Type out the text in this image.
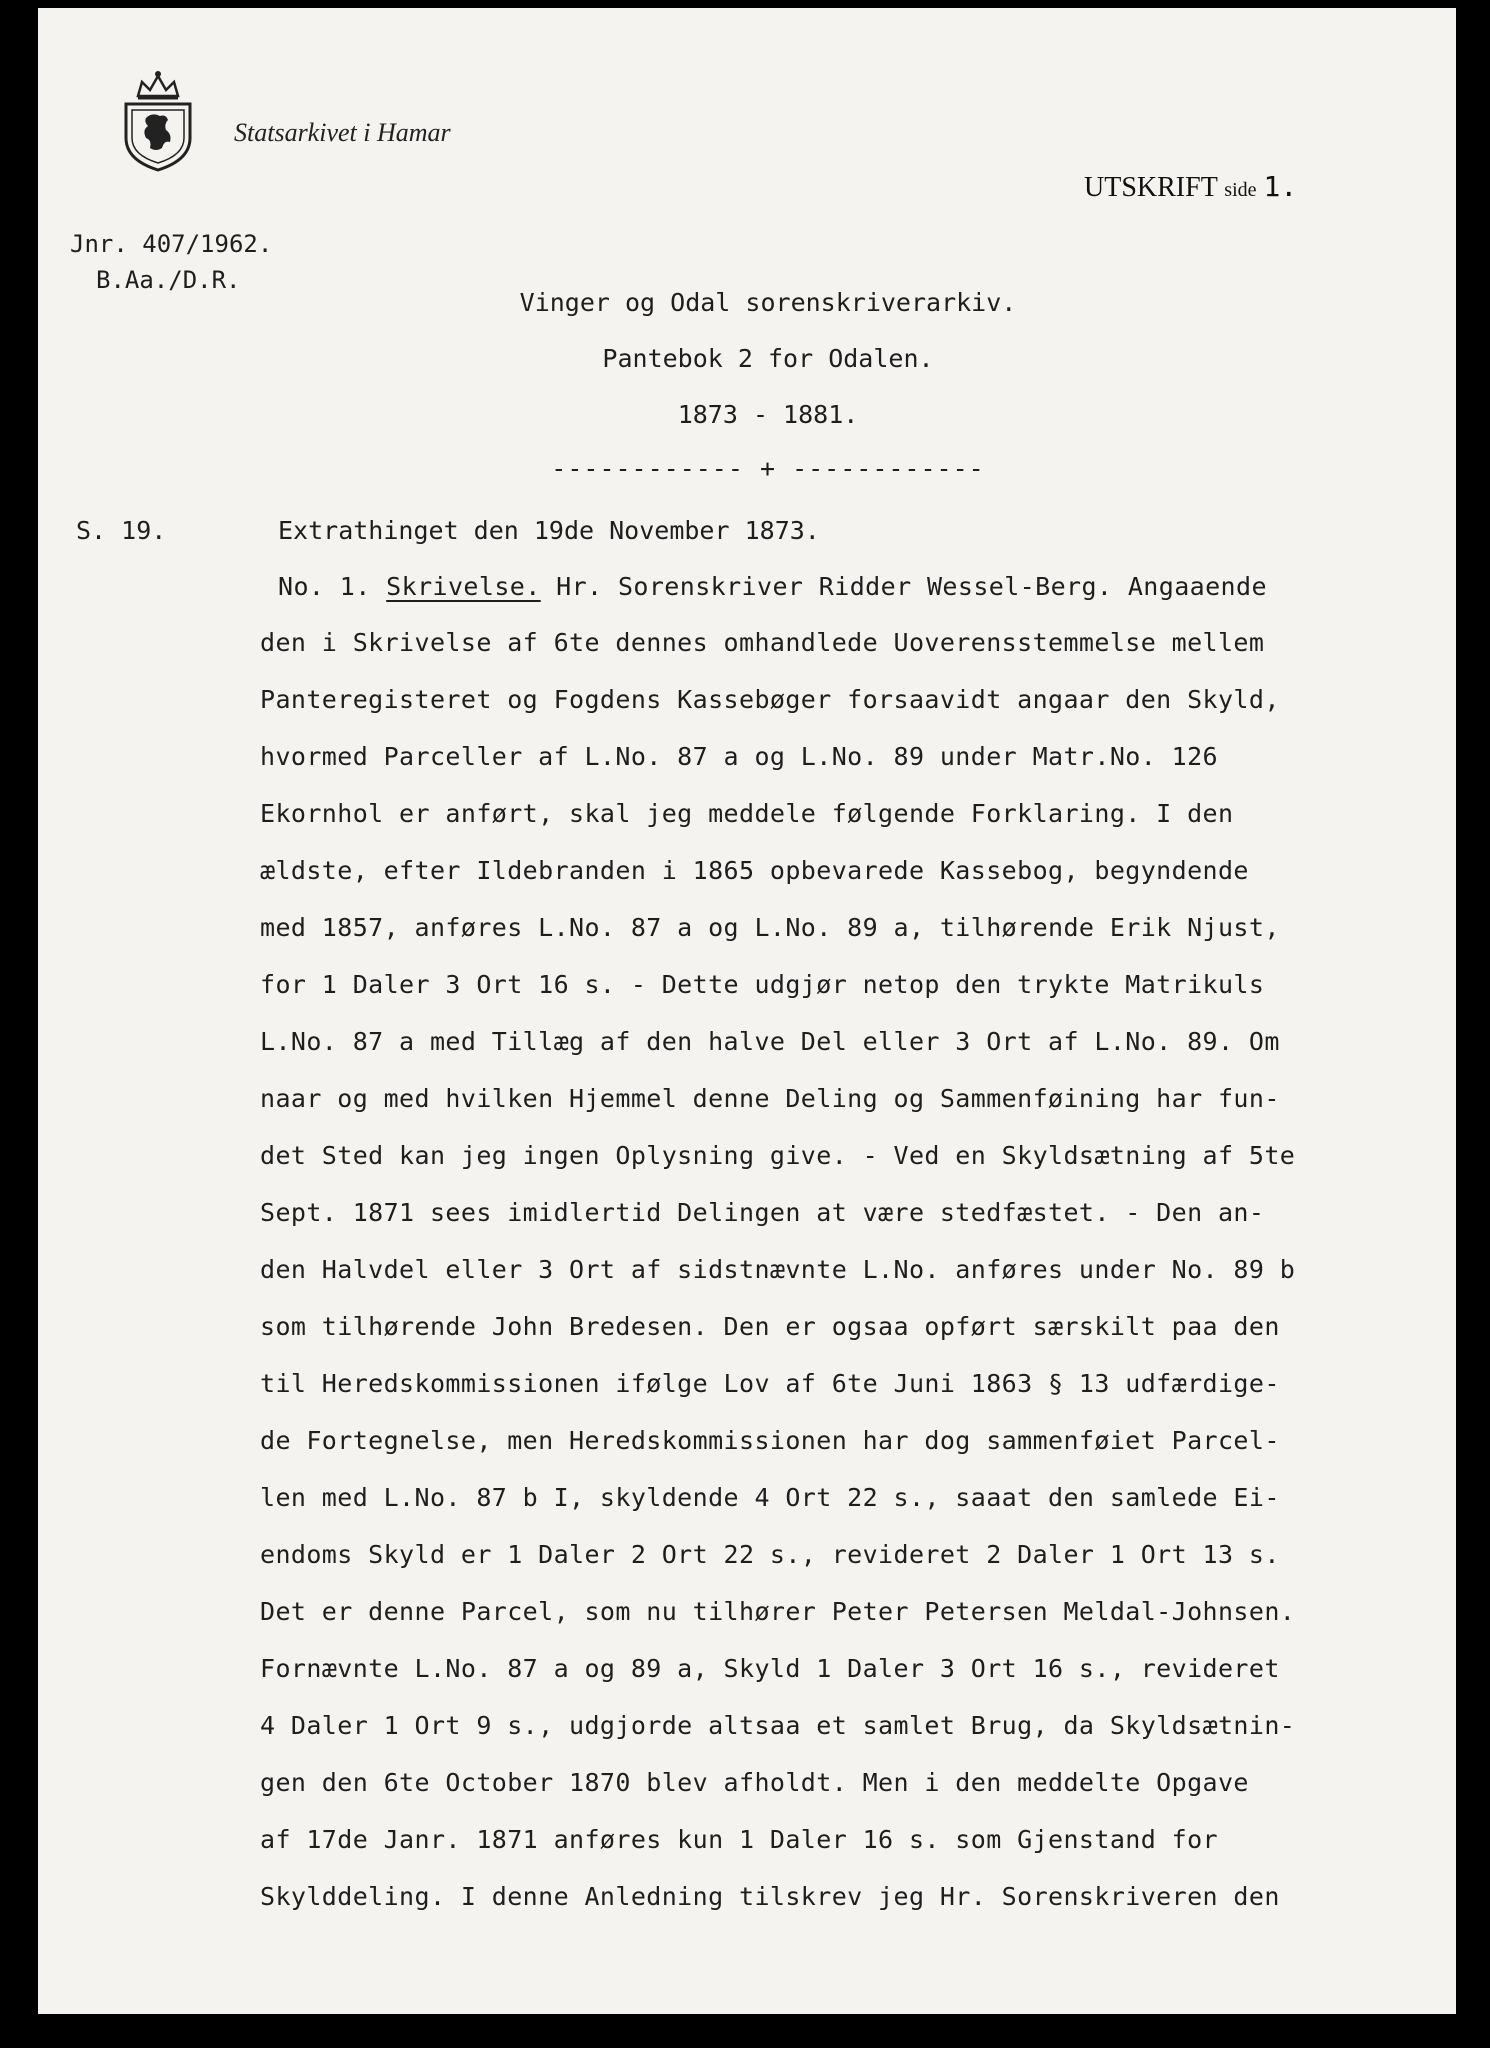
Statsarkivet i Hamar
UTSKRIFT side 1.
Jnr. 407/1962.
B.Aa./D.R.
Vinger og Odal sorenskriverarkiv.
Pantebok 2 for Odalen.
1873 - 1881.
------------ + ------------
S. 19.	Extrathinget den 19de November 1873.
No. 1. Skrivelse. Hr. Sorenskriver Ridder Wessel-Berg. Angaaende
den i Skrivelse af 6te dennes omhandlede Uoverensstemmelse mellem
Panteregisteret og Fogdens Kassebøger forsaavidt angaar den Skyld,
hvormed Parceller af L.No. 87 a og L.No. 89 under Matr.No. 126
Ekornhol er anført, skal jeg meddele følgende Forklaring. I den
ældste, efter Ildebranden i 1865 opbevarede Kassebog, begyndende
med 1857, anføres L.No. 87 a og L.No. 89 a, tilhørende Erik Njust,
for 1 Daler 3 Ort 16 s. - Dette udgjør netop den trykte Matrikuls
L.No. 87 a med Tillæg af den halve Del eller 3 Ort af L.No. 89. Om
naar og med hvilken Hjemmel denne Deling og Sammenføining har fun-
det Sted kan jeg ingen Oplysning give. - Ved en Skyldsætning af 5te
Sept. 1871 sees imidlertid Delingen at være stedfæstet. - Den an-
den Halvdel eller 3 Ort af sidstnævnte L.No. anføres under No. 89 b
som tilhørende John Bredesen. Den er ogsaa opført særskilt paa den
til Heredskommissionen ifølge Lov af 6te Juni 1863 § 13 udfærdige-
de Fortegnelse, men Heredskommissionen har dog sammenføiet Parcel-
len med L.No. 87 b I, skyldende 4 Ort 22 s., saaat den samlede Ei-
endoms Skyld er 1 Daler 2 Ort 22 s., revideret 2 Daler 1 Ort 13 s.
Det er denne Parcel, som nu tilhører Peter Petersen Meldal-Johnsen.
Fornævnte L.No. 87 a og 89 a, Skyld 1 Daler 3 Ort 16 s., revideret
4 Daler 1 Ort 9 s., udgjorde altsaa et samlet Brug, da Skyldsætnin-
gen den 6te October 1870 blev afholdt. Men i den meddelte Opgave
af 17de Janr. 1871 anføres kun 1 Daler 16 s. som Gjenstand for
Skylddeling. I denne Anledning tilskrev jeg Hr. Sorenskriveren den
